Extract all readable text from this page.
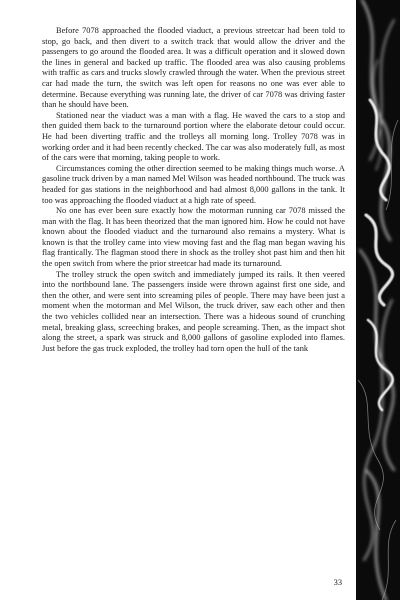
Before 7078 approached the flooded viaduct, a previous streetcar had been told to stop, go back, and then divert to a switch track that would allow the driver and the passengers to go around the flooded area. It was a difficult operation and it slowed down the lines in general and backed up traffic. The flooded area was also causing problems with traffic as cars and trucks slowly crawled through the water. When the previous street car had made the turn, the switch was left open for reasons no one was ever able to determine. Because everything was running late, the driver of car 7078 was driving faster than he should have been.

Stationed near the viaduct was a man with a flag. He waved the cars to a stop and then guided them back to the turnaround portion where the elaborate detour could occur. He had been diverting traffic and the trolleys all morning long. Trolley 7078 was in working order and it had been recently checked. The car was also moderately full, as most of the cars were that morning, taking people to work.

Circumstances coming the other direction seemed to be making things much worse. A gasoline truck driven by a man named Mel Wilson was headed northbound. The truck was headed for gas stations in the neighborhood and had almost 8,000 gallons in the tank. It too was approaching the flooded viaduct at a high rate of speed.

No one has ever been sure exactly how the motorman running car 7078 missed the man with the flag. It has been theorized that the man ignored him. How he could not have known about the flooded viaduct and the turnaround also remains a mystery. What is known is that the trolley came into view moving fast and the flag man began waving his flag frantically. The flagman stood there in shock as the trolley shot past him and then hit the open switch from where the prior streetcar had made its turnaround.

The trolley struck the open switch and immediately jumped its rails. It then veered into the northbound lane. The passengers inside were thrown against first one side, and then the other, and were sent into screaming piles of people. There may have been just a moment when the motorman and Mel Wilson, the truck driver, saw each other and then the two vehicles collided near an intersection. There was a hideous sound of crunching metal, breaking glass, screeching brakes, and people screaming. Then, as the impact shot along the street, a spark was struck and 8,000 gallons of gasoline exploded into flames. Just before the gas truck exploded, the trolley had torn open the hull of the tank

33
